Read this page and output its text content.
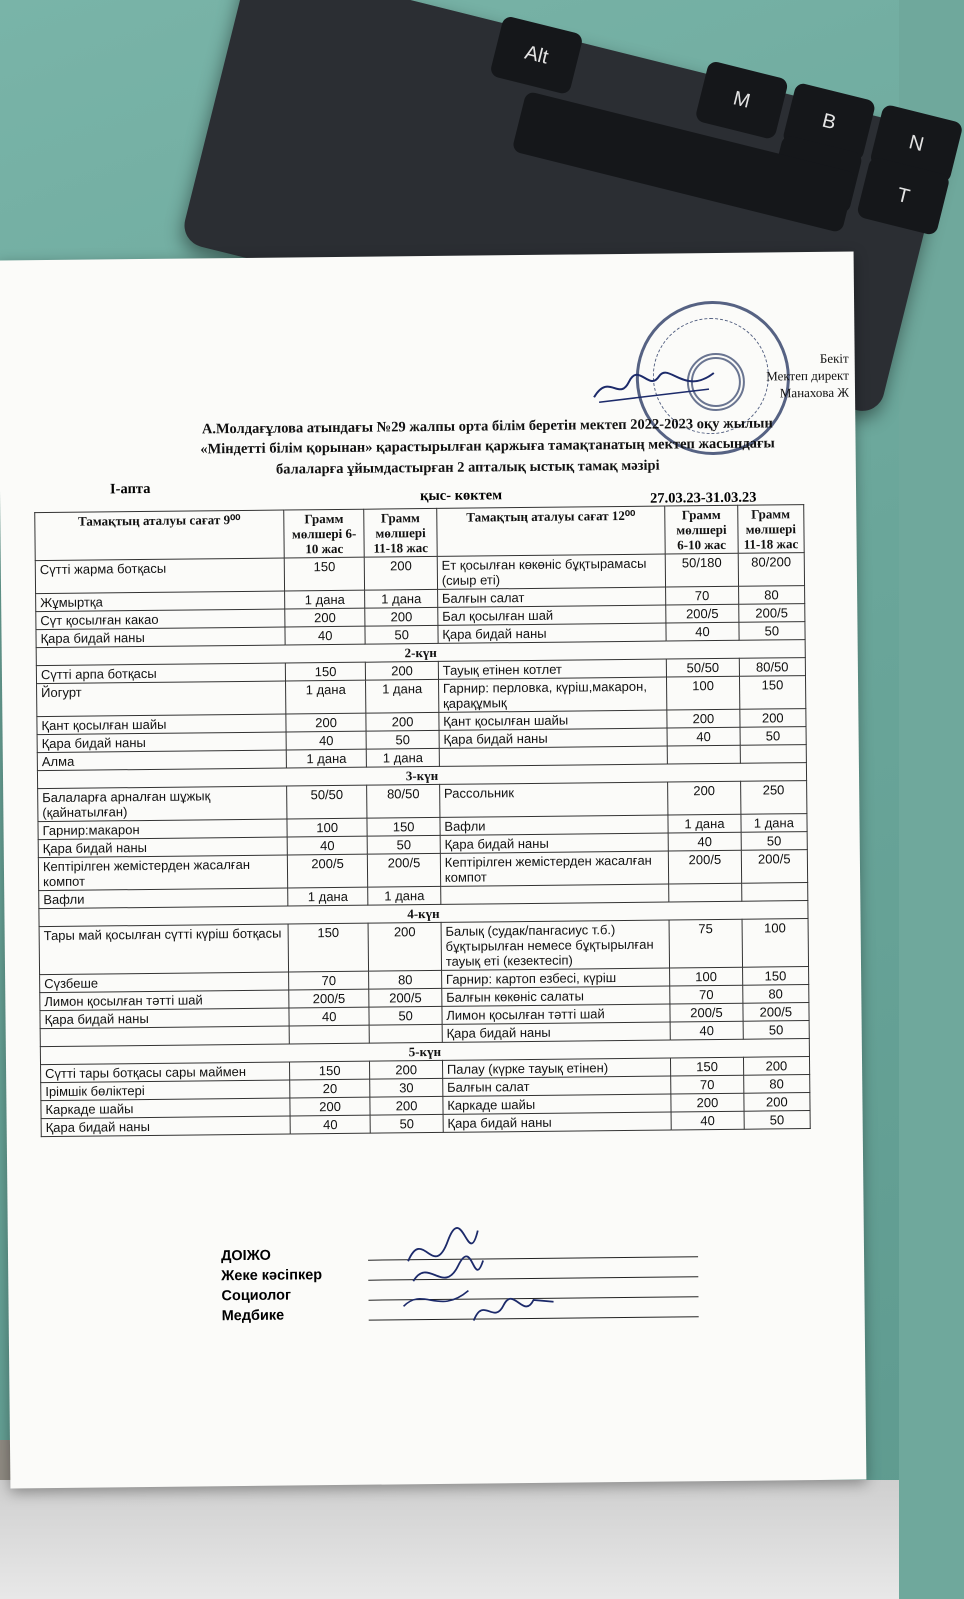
Alt
M
B
N
Т
Бекіт
Мектеп директ
Манахова Ж
А.Молдағұлова атындағы №29 жалпы орта білім беретін мектеп 2022-2023 оқу жылын
«Міндетті білім қорынан» қарастырылған қаржыға тамақтанатың мектеп жасындағы
балаларға ұйымдастырған 2 апталық ыстық тамақ мәзірі
І-апта	қыс- көктем	27.03.23-31.03.23
Тамақтың аталуы сағат 9⁰⁰	Грамм мөлшері 6-10 жас	Грамм мөлшері 11-18 жас	Тамақтың аталуы сағат 12⁰⁰	Грамм мөлшері 6-10 жас	Грамм мөлшері 11-18 жас
Сүтті жарма ботқасы	150	200	Ет қосылған көкөніс бұқтырамасы (сиыр еті)	50/180	80/200
Жұмыртқа	1 дана	1 дана	Балғын салат	70	80
Сүт қосылған какао	200	200	Бал қосылған шай	200/5	200/5
Қара бидай наны	40	50	Қара бидай наны	40	50
2-күн					
Сүтті арпа ботқасы	150	200	Тауық етінен котлет	50/50	80/50
Йогурт	1 дана	1 дана	Гарнир: перловка, күріш,макарон, қарақұмық	100	150
Қант қосылған шайы	200	200	Қант қосылған шайы	200	200
Қара бидай наны	40	50	Қара бидай наны	40	50
Алма	1 дана	1 дана			
3-күн					
Балаларға арналған шұжық (қайнатылған)	50/50	80/50	Рассольник	200	250
Гарнир:макарон	100	150	Вафли	1 дана	1 дана
Қара бидай наны	40	50	Қара бидай наны	40	50
Кептірілген жемістерден жасалған компот	200/5	200/5	Кептірілген жемістерден жасалған компот	200/5	200/5
Вафли	1 дана	1 дана			
4-күн					
Тары май қосылған сүтті күріш ботқасы	150	200	Балық (судак/пангасиус т.б.) бұқтырылған немесе бұқтырылған тауық еті (кезектесіп)	75	100
Сүзбеше	70	80	Гарнир: картоп езбесі, күріш	100	150
Лимон қосылған тәтті шай	200/5	200/5	Балғын көкөніс салаты	70	80
Қара бидай наны	40	50	Лимон қосылған тәтті шай	200/5	200/5
			Қара бидай наны	40	50
5-күн					
Сүтті тары ботқасы сары маймен	150	200	Палау (күркe тауық етінен)	150	200
Ірімшік бөліктері	20	30	Балғын салат	70	80
Каркаде шайы	200	200	Каркаде шайы	200	200
Қара бидай наны	40	50	Қара бидай наны	40	50
ДОІЖО
Жеке кәсіпкер
Социолог
Медбике
